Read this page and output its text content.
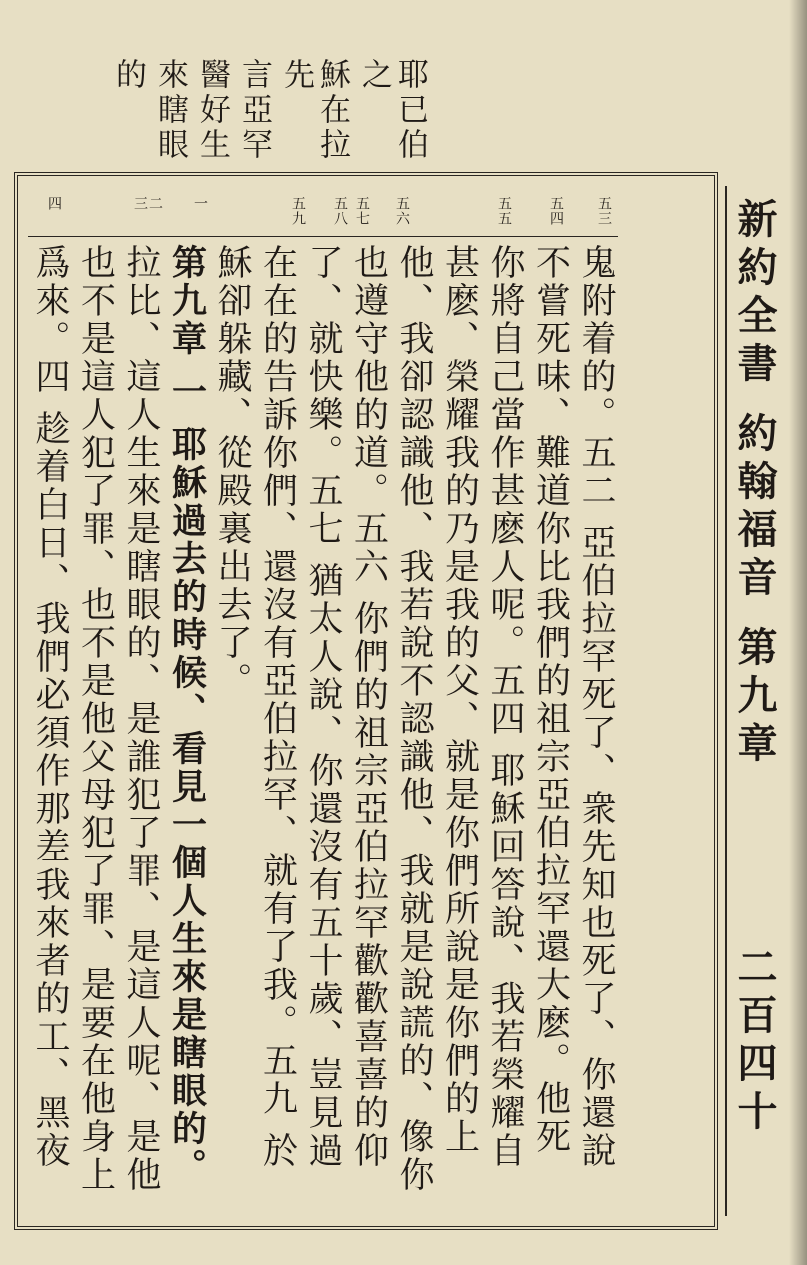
耶已伯之
穌在拉先
言亞罕
醫好生
來瞎眼
的
新約全書 約翰福音 第九章
二百四十
五三
五四
五五
五六
五七
五八
五九
一
二
三
四
鬼附着的。五二 亞伯拉罕死了、衆先知也死了、你還說
不嘗死味、難道你比我們的祖宗亞伯拉罕還大麽。他死
你將自己當作甚麽人呢。五四 耶穌回答說、我若榮耀自
甚麽、榮耀我的乃是我的父、就是你們所說是你們的上
他、我卻認識他、我若說不認識他、我就是說謊的、像你
也遵守他的道。五六 你們的祖宗亞伯拉罕歡歡喜喜的仰
了、就快樂。五七 猶太人說、你還沒有五十歲、豈見過
在在的告訴你們、還沒有亞伯拉罕、就有了我。五九 於
穌卻躲藏、從殿裏出去了。
第九章 一 耶穌過去的時候、看見一個人生來是瞎眼的。
拉比、這人生來是瞎眼的、是誰犯了罪、是這人呢、是他
也不是這人犯了罪、也不是他父母犯了罪、是要在他身上
爲來。四 趁着白日、我們必須作那差我來者的工、黑夜
